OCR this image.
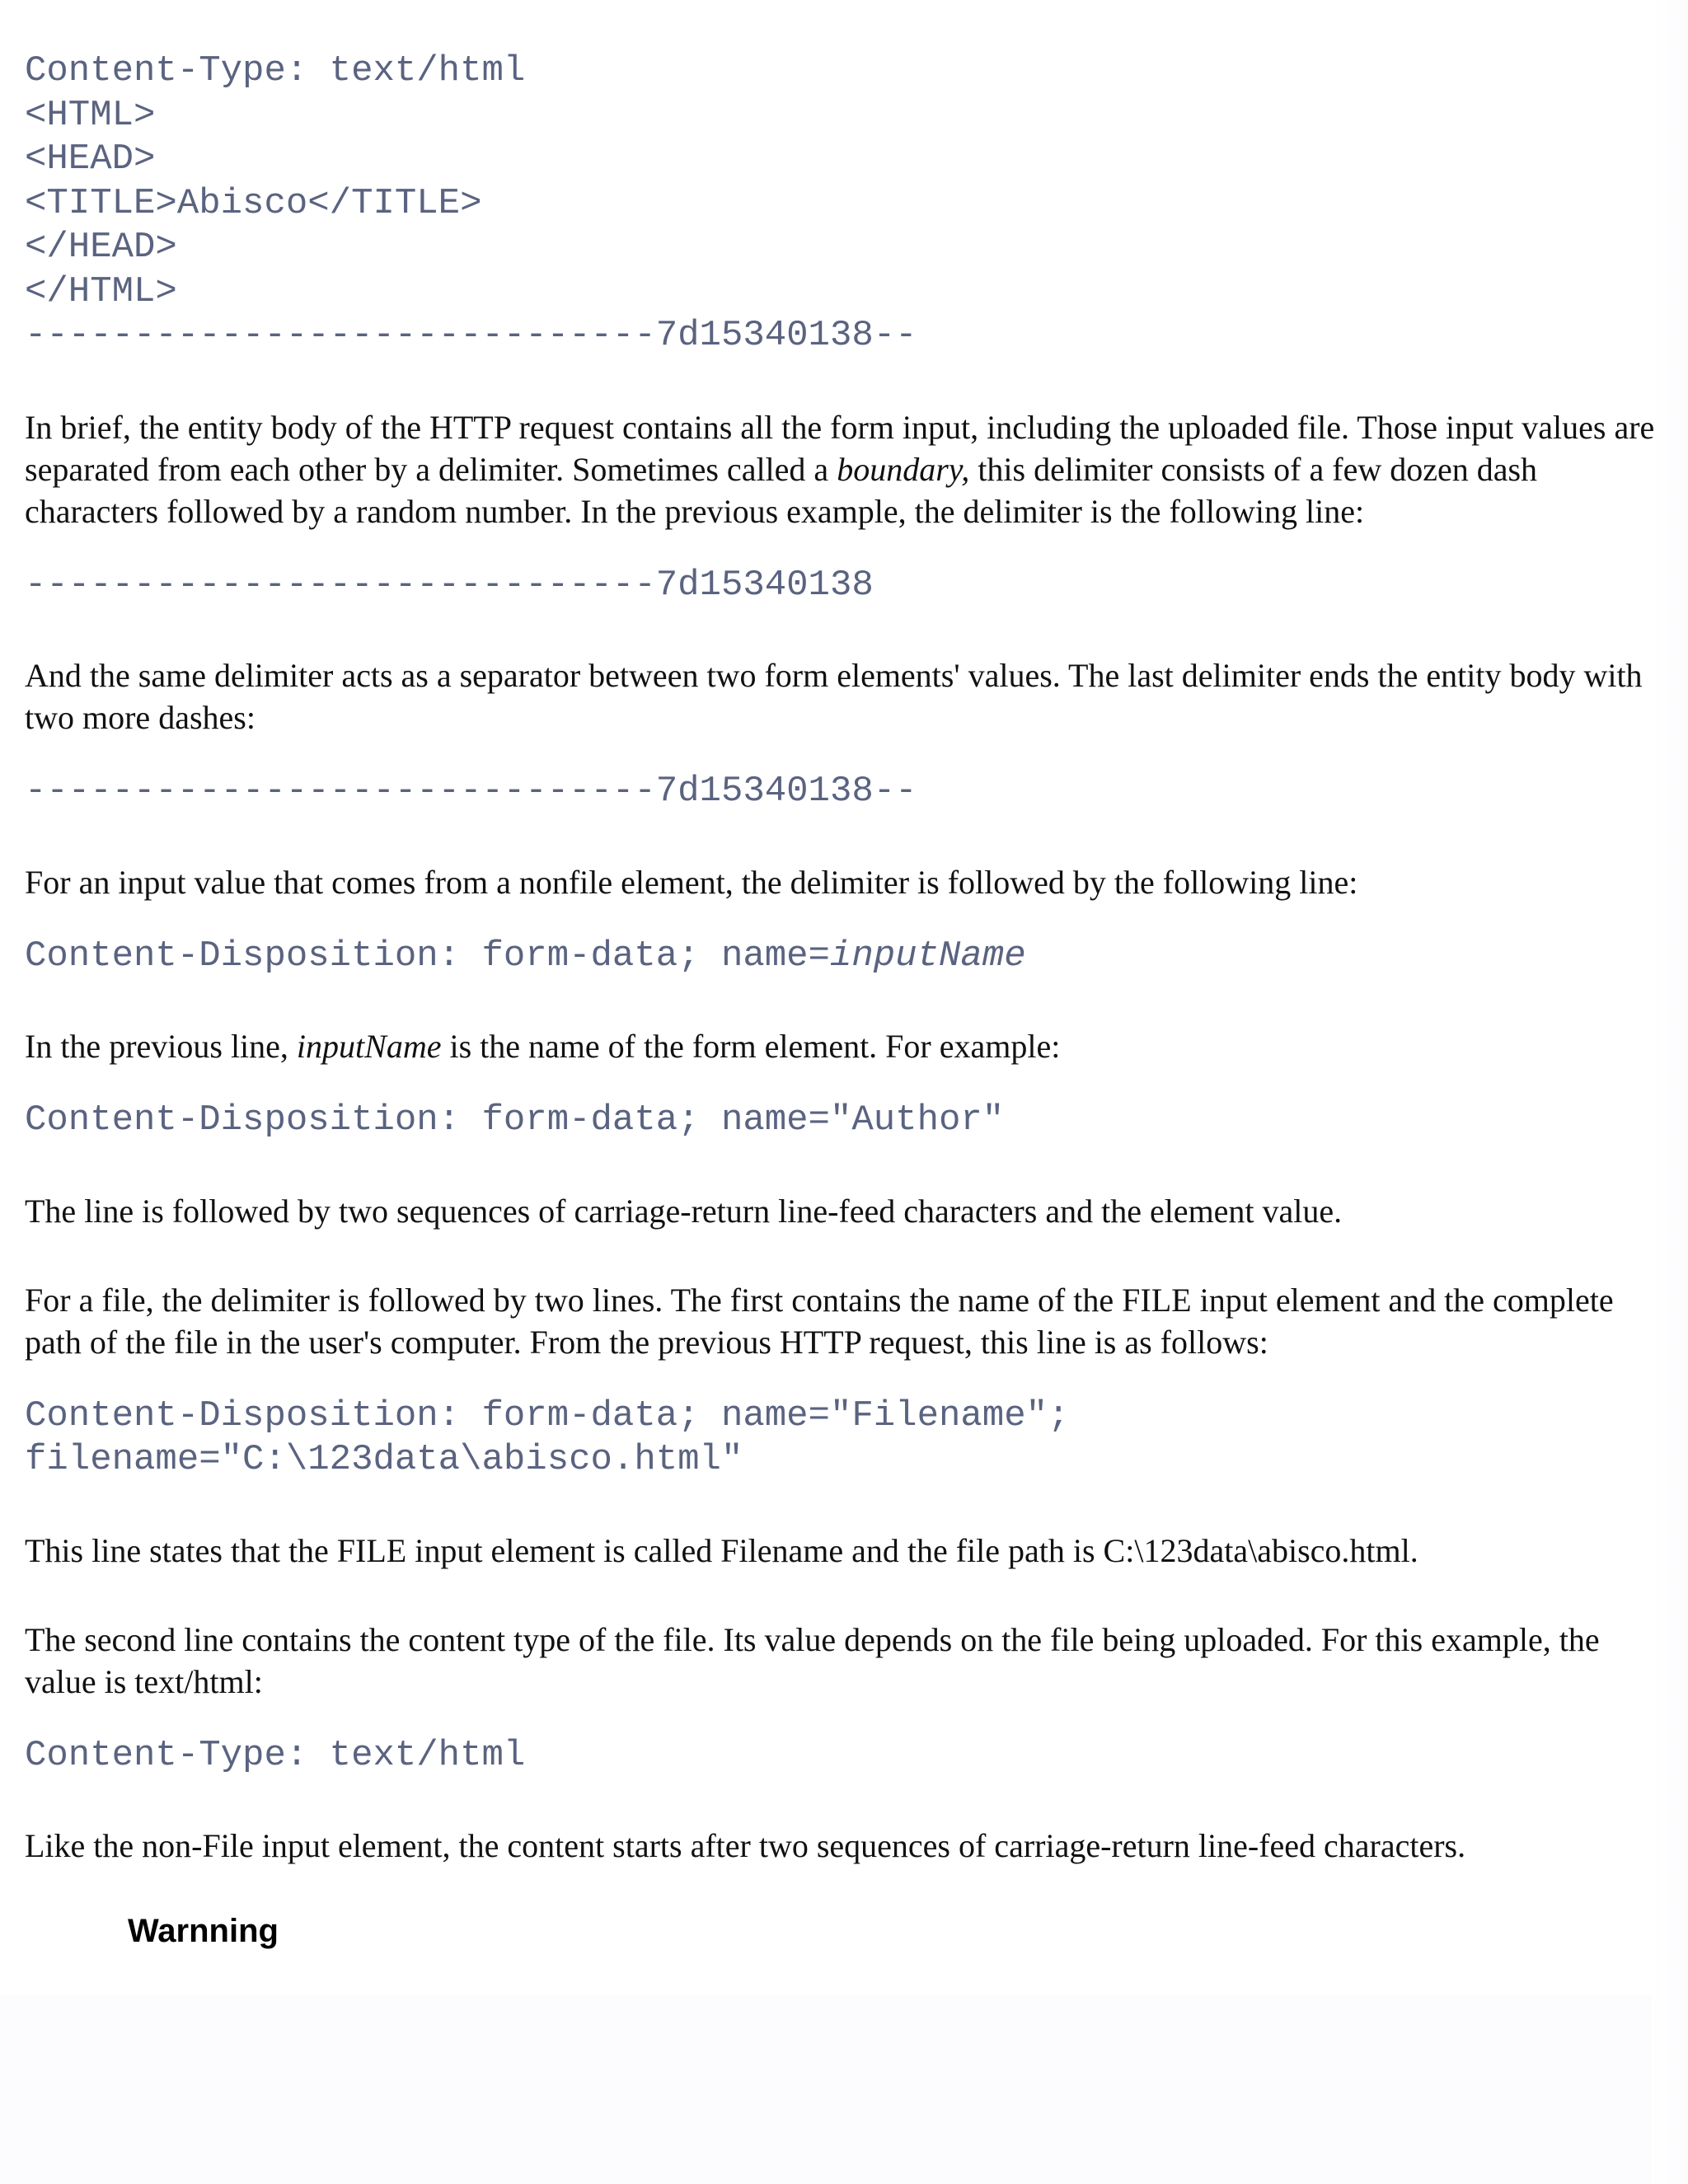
Content-Type: text/html
<HTML>
<HEAD>
<TITLE>Abisco</TITLE>
</HEAD>
</HTML>
-----------------------------7d15340138--

In brief, the entity body of the HTTP request contains all the form input, including the uploaded file. Those input values are separated from each other by a delimiter. Sometimes called a boundary, this delimiter consists of a few dozen dash characters followed by a random number. In the previous example, the delimiter is the following line:

-----------------------------7d15340138

And the same delimiter acts as a separator between two form elements' values. The last delimiter ends the entity body with two more dashes:

-----------------------------7d15340138--

For an input value that comes from a nonfile element, the delimiter is followed by the following line:

Content-Disposition: form-data; name=inputName

In the previous line, inputName is the name of the form element. For example:

Content-Disposition: form-data; name="Author"

The line is followed by two sequences of carriage-return line-feed characters and the element value.

For a file, the delimiter is followed by two lines. The first contains the name of the FILE input element and the complete path of the file in the user's computer. From the previous HTTP request, this line is as follows:

Content-Disposition: form-data; name="Filename";
filename="C:\123data\abisco.html"

This line states that the FILE input element is called Filename and the file path is C:\123data\abisco.html.

The second line contains the content type of the file. Its value depends on the file being uploaded. For this example, the value is text/html:

Content-Type: text/html

Like the non-File input element, the content starts after two sequences of carriage-return line-feed characters.

Warnning
